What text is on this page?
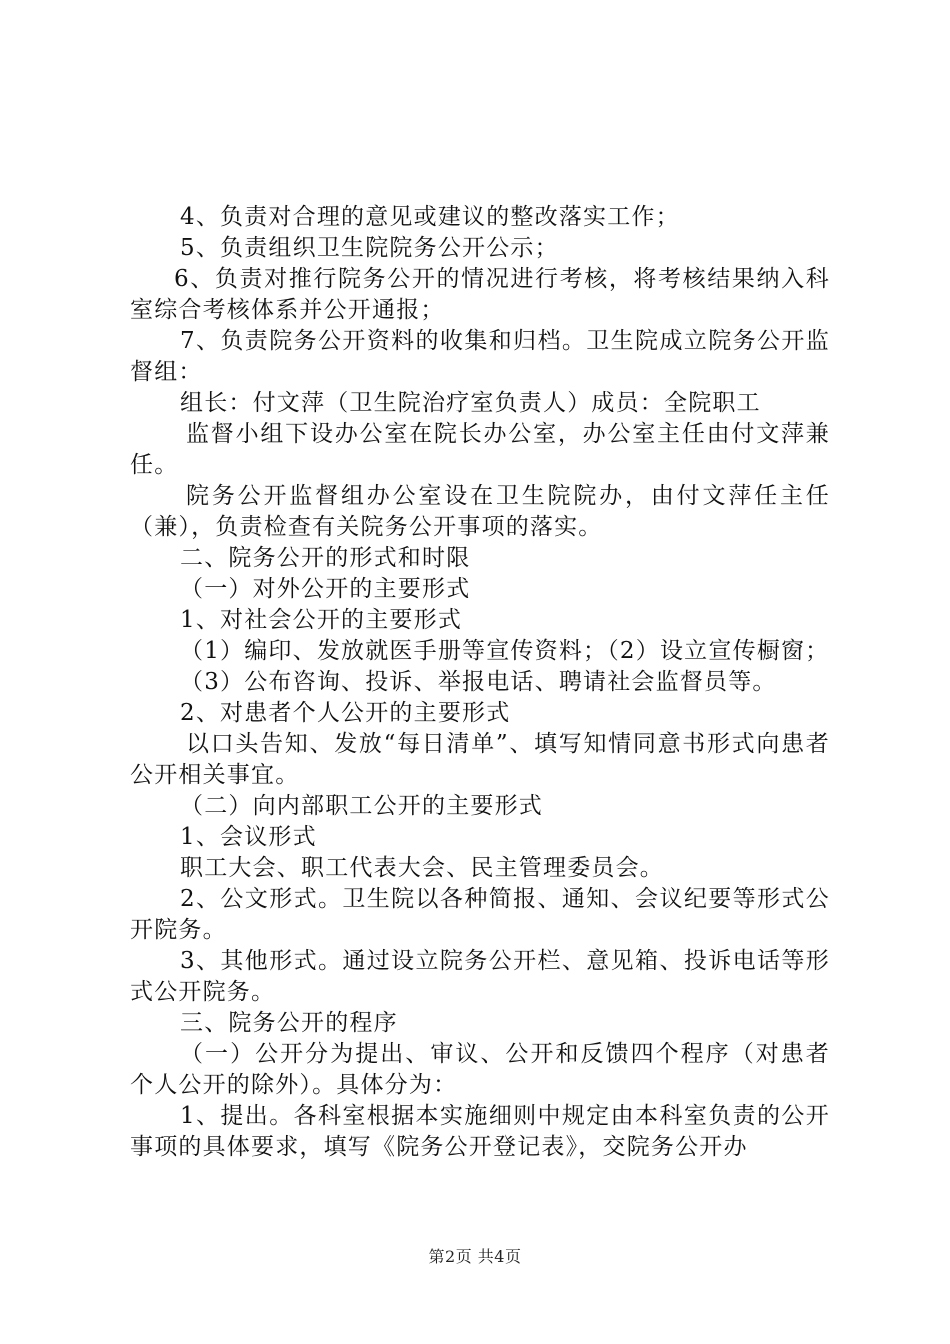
4、负责对合理的意见或建议的整改落实工作；

5、负责组织卫生院院务公开公示；

6、负责对推行院务公开的情况进行考核，将考核结果纳入科室综合考核体系并公开通报；

7、负责院务公开资料的收集和归档。卫生院成立院务公开监督组：

组长：付文萍（卫生院治疗室负责人）成员：全院职工

监督小组下设办公室在院长办公室，办公室主任由付文萍兼任。

院务公开监督组办公室设在卫生院院办，由付文萍任主任（兼），负责检查有关院务公开事项的落实。

二、院务公开的形式和时限

（一）对外公开的主要形式

1、对社会公开的主要形式

（1）编印、发放就医手册等宣传资料；（2）设立宣传橱窗；

（3）公布咨询、投诉、举报电话、聘请社会监督员等。

2、对患者个人公开的主要形式

以口头告知、发放“每日清单”、填写知情同意书形式向患者公开相关事宜。

（二）向内部职工公开的主要形式

1、会议形式

职工大会、职工代表大会、民主管理委员会。

2、公文形式。卫生院以各种简报、通知、会议纪要等形式公开院务。

3、其他形式。通过设立院务公开栏、意见箱、投诉电话等形式公开院务。

三、院务公开的程序

（一）公开分为提出、审议、公开和反馈四个程序（对患者个人公开的除外）。具体分为：

1、提出。各科室根据本实施细则中规定由本科室负责的公开事项的具体要求，填写《院务公开登记表》，交院务公开办

第2页 共4页
